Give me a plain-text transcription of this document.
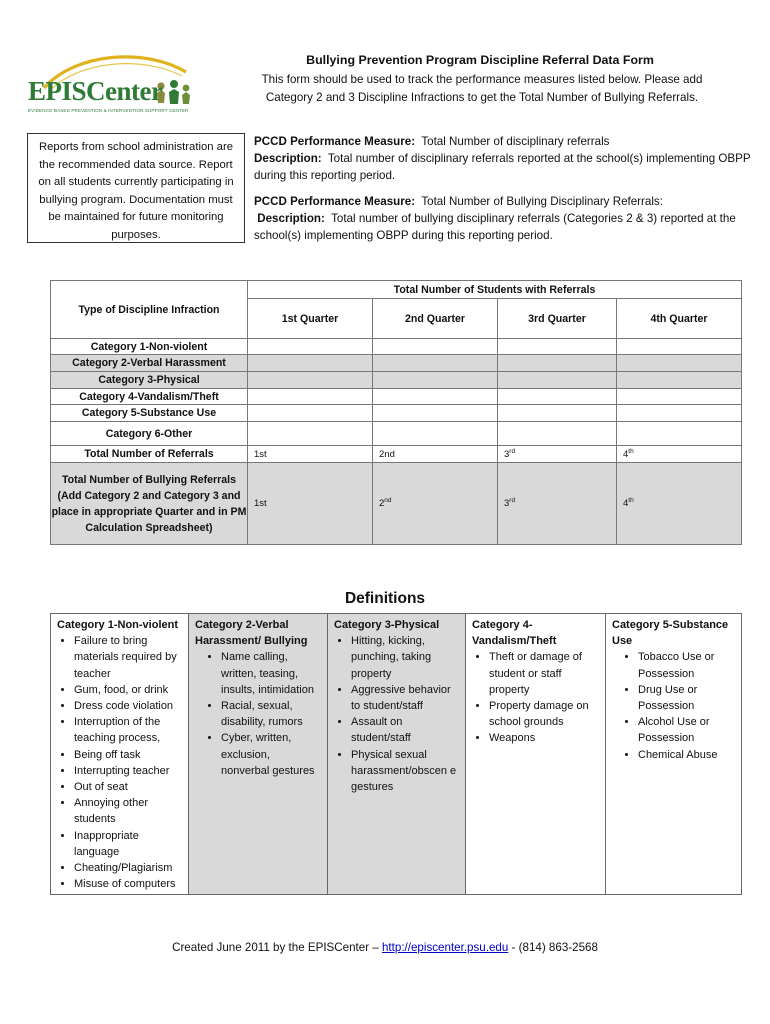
EPISCenter
EVIDENCE-BASED PREVENTION & INTERVENTION SUPPORT CENTER
Bullying Prevention Program Discipline Referral Data Form
This form should be used to track the performance measures listed below. Please add
Category 2 and 3 Discipline Infractions to get the Total Number of Bullying Referrals.
Reports from school administration are the recommended data source. Report on all students currently participating in bullying program. Documentation must be maintained for future monitoring purposes.

PCCD Performance Measure: Total Number of disciplinary referrals
Description: Total number of disciplinary referrals reported at the school(s) implementing OBPP during this reporting period.

PCCD Performance Measure: Total Number of Bullying Disciplinary Referrals:
Description: Total number of bullying disciplinary referrals (Categories 2 & 3) reported at the school(s) implementing OBPP during this reporting period.

Type of Discipline Infraction	Total Number of Students with Referrals			
	1st Quarter	2nd Quarter	3rd Quarter	4th Quarter
Category 1-Non-violent				
Category 2-Verbal Harassment				
Category 3-Physical				
Category 4-Vandalism/Theft				
Category 5-Substance Use				
Category 6-Other				
Total Number of Referrals	1st	2nd	3rd	4th
Total Number of Bullying Referrals (Add Category 2 and Category 3 and place in appropriate Quarter and in PM Calculation Spreadsheet)	1st	2nd	3rd	4th
Definitions
Category 1-Non-violent
• Failure to bring materials required by teacher
• Gum, food, or drink
• Dress code violation
• Interruption of the teaching process,
• Being off task
• Interrupting teacher
• Out of seat
• Annoying other students
• Inappropriate language
• Cheating/Plagiarism
• Misuse of computers

Category 2-Verbal Harassment/ Bullying
• Name calling, written, teasing, insults, intimidation
• Racial, sexual, disability, rumors
• Cyber, written, exclusion, nonverbal gestures

Category 3-Physical
• Hitting, kicking, punching, taking property
• Aggressive behavior to student/staff
• Assault on student/staff
• Physical sexual harassment/obscen e gestures

Category 4-Vandalism/Theft
• Theft or damage of student or staff property
• Property damage on school grounds
• Weapons

Category 5-Substance Use
• Tobacco Use or Possession
• Drug Use or Possession
• Alcohol Use or Possession
• Chemical Abuse
Created June 2011 by the EPISCenter – http://episcenter.psu.edu - (814) 863-2568
